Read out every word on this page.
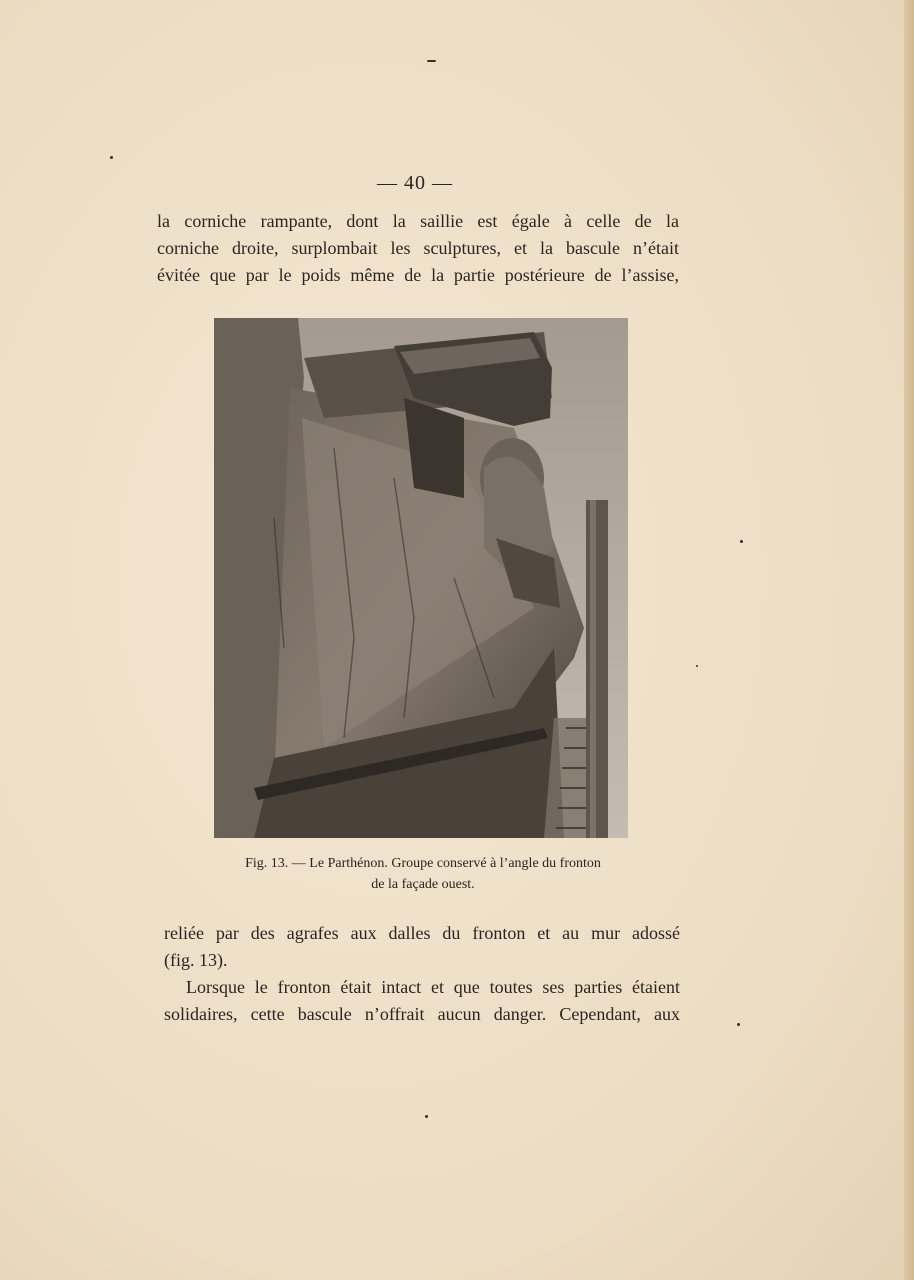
— 40 —
la corniche rampante, dont la saillie est égale à celle de la
corniche droite, surplombait les sculptures, et la bascule n’était
évitée que par le poids même de la partie postérieure de l’assise,
Fig. 13. — Le Parthénon. Groupe conservé à l’angle du fronton
de la façade ouest.
reliée par des agrafes aux dalles du fronton et au mur adossé
(fig. 13).
Lorsque le fronton était intact et que toutes ses parties étaient
solidaires, cette bascule n’offrait aucun danger. Cependant, aux
